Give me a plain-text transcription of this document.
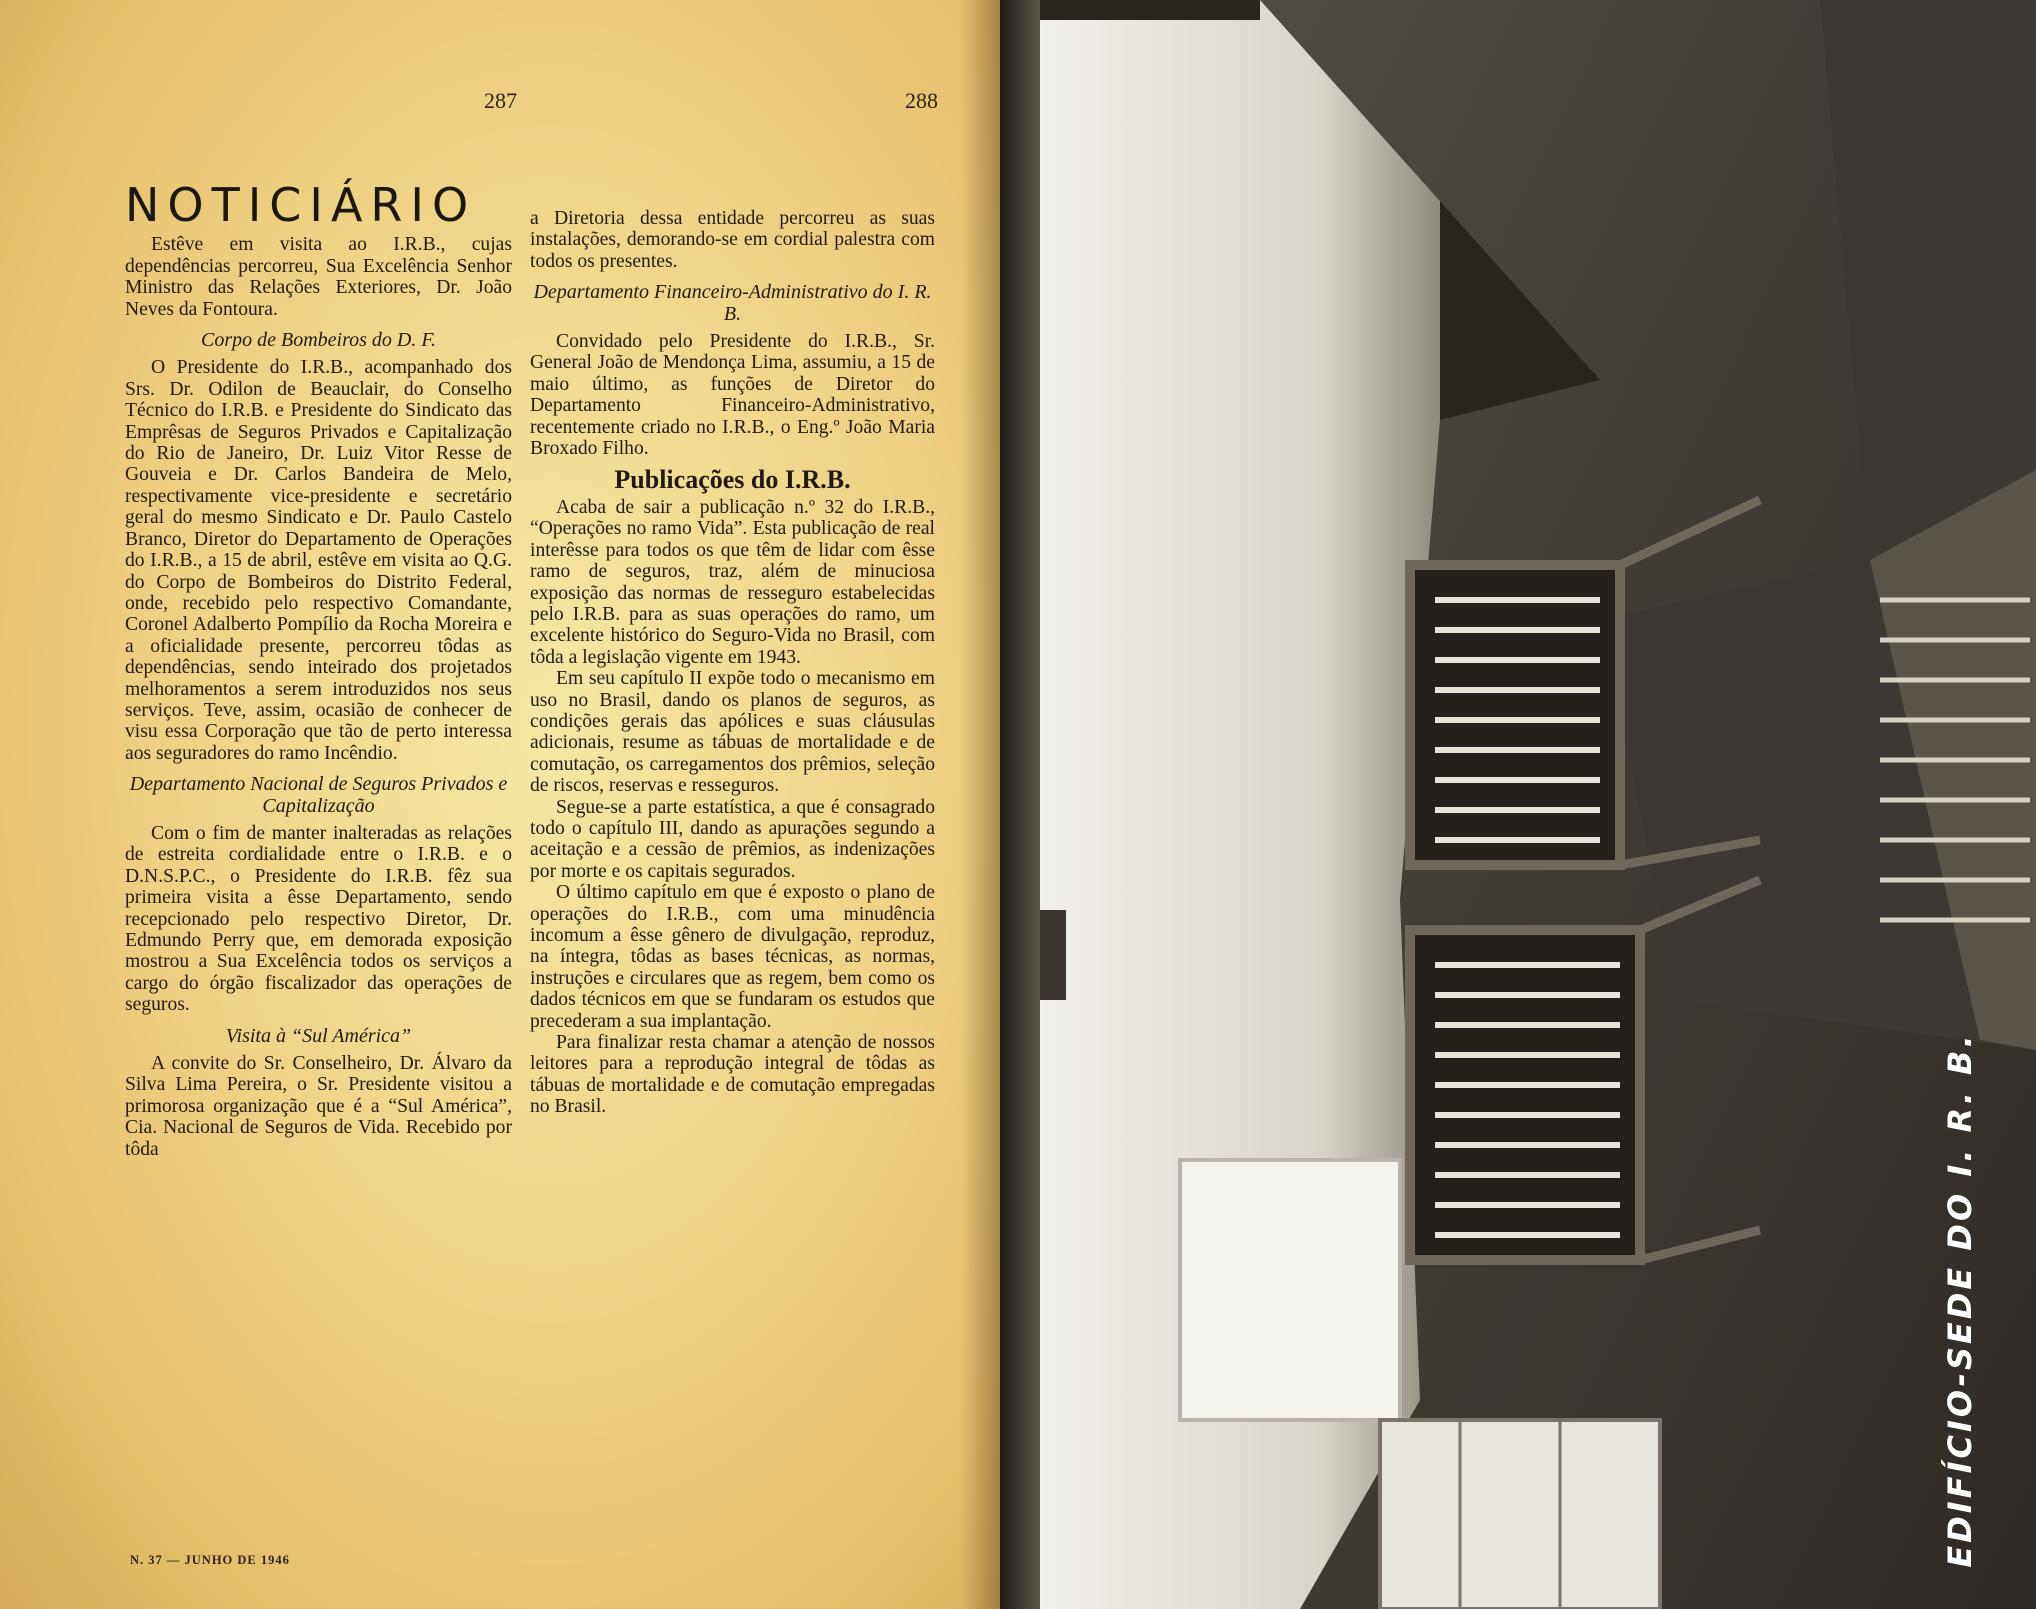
287	288
NOTICIÁRIO

Estêve em visita ao I.R.B., cujas dependências percorreu, Sua Excelência Senhor Ministro das Relações Exteriores, Dr. João Neves da Fontoura.

Corpo de Bombeiros do D. F.

O Presidente do I.R.B., acompanhado dos Srs. Dr. Odilon de Beauclair, do Conselho Técnico do I.R.B. e Presidente do Sindicato das Emprêsas de Seguros Privados e Capitalização do Rio de Janeiro, Dr. Luiz Vitor Resse de Gouveia e Dr. Carlos Bandeira de Melo, respectivamente vice-presidente e secretário geral do mesmo Sindicato e Dr. Paulo Castelo Branco, Diretor do Departamento de Operações do I.R.B., a 15 de abril, estêve em visita ao Q.G. do Corpo de Bombeiros do Distrito Federal, onde, recebido pelo respectivo Comandante, Coronel Adalberto Pompílio da Rocha Moreira e a oficialidade presente, percorreu tôdas as dependências, sendo inteirado dos projetados melhoramentos a serem introduzidos nos seus serviços. Teve, assim, ocasião de conhecer de visu essa Corporação que tão de perto interessa aos seguradores do ramo Incêndio.

Departamento Nacional de Seguros Privados e Capitalização

Com o fim de manter inalteradas as relações de estreita cordialidade entre o I.R.B. e o D.N.S.P.C., o Presidente do I.R.B. fêz sua primeira visita a êsse Departamento, sendo recepcionado pelo respectivo Diretor, Dr. Edmundo Perry que, em demorada exposição mostrou a Sua Excelência todos os serviços a cargo do órgão fiscalizador das operações de seguros.

Visita à “Sul América”

A convite do Sr. Conselheiro, Dr. Álvaro da Silva Lima Pereira, o Sr. Presidente visitou a primorosa organização que é a “Sul América”, Cia. Nacional de Seguros de Vida. Recebido por tôda

a Diretoria dessa entidade percorreu as suas instalações, demorando-se em cordial palestra com todos os presentes.

Departamento Financeiro-Administrativo do I. R. B.

Convidado pelo Presidente do I.R.B., Sr. General João de Mendonça Lima, assumiu, a 15 de maio último, as funções de Diretor do Departamento Financeiro-Administrativo, recentemente criado no I.R.B., o Eng.º João Maria Broxado Filho.

Publicações do I.R.B.

Acaba de sair a publicação n.º 32 do I.R.B., “Operações no ramo Vida”. Esta publicação de real interêsse para todos os que têm de lidar com êsse ramo de seguros, traz, além de minuciosa exposição das normas de resseguro estabelecidas pelo I.R.B. para as suas operações do ramo, um excelente histórico do Seguro-Vida no Brasil, com tôda a legislação vigente em 1943.

Em seu capítulo II expõe todo o mecanismo em uso no Brasil, dando os planos de seguros, as condições gerais das apólices e suas cláusulas adicionais, resume as tábuas de mortalidade e de comutação, os carregamentos dos prêmios, seleção de riscos, reservas e resseguros.

Segue-se a parte estatística, a que é consagrado todo o capítulo III, dando as apurações segundo a aceitação e a cessão de prêmios, as indenizações por morte e os capitais segurados.

O último capítulo em que é exposto o plano de operações do I.R.B., com uma minudência incomum a êsse gênero de divulgação, reproduz, na íntegra, tôdas as bases técnicas, as normas, instruções e circulares que as regem, bem como os dados técnicos em que se fundaram os estudos que precederam a sua implantação.

Para finalizar resta chamar a atenção de nossos leitores para a reprodução integral de tôdas as tábuas de mortalidade e de comutação empregadas no Brasil.

N. 37 — JUNHO DE 1946	EDIFÍCIO-SEDE DO I. R. B.
